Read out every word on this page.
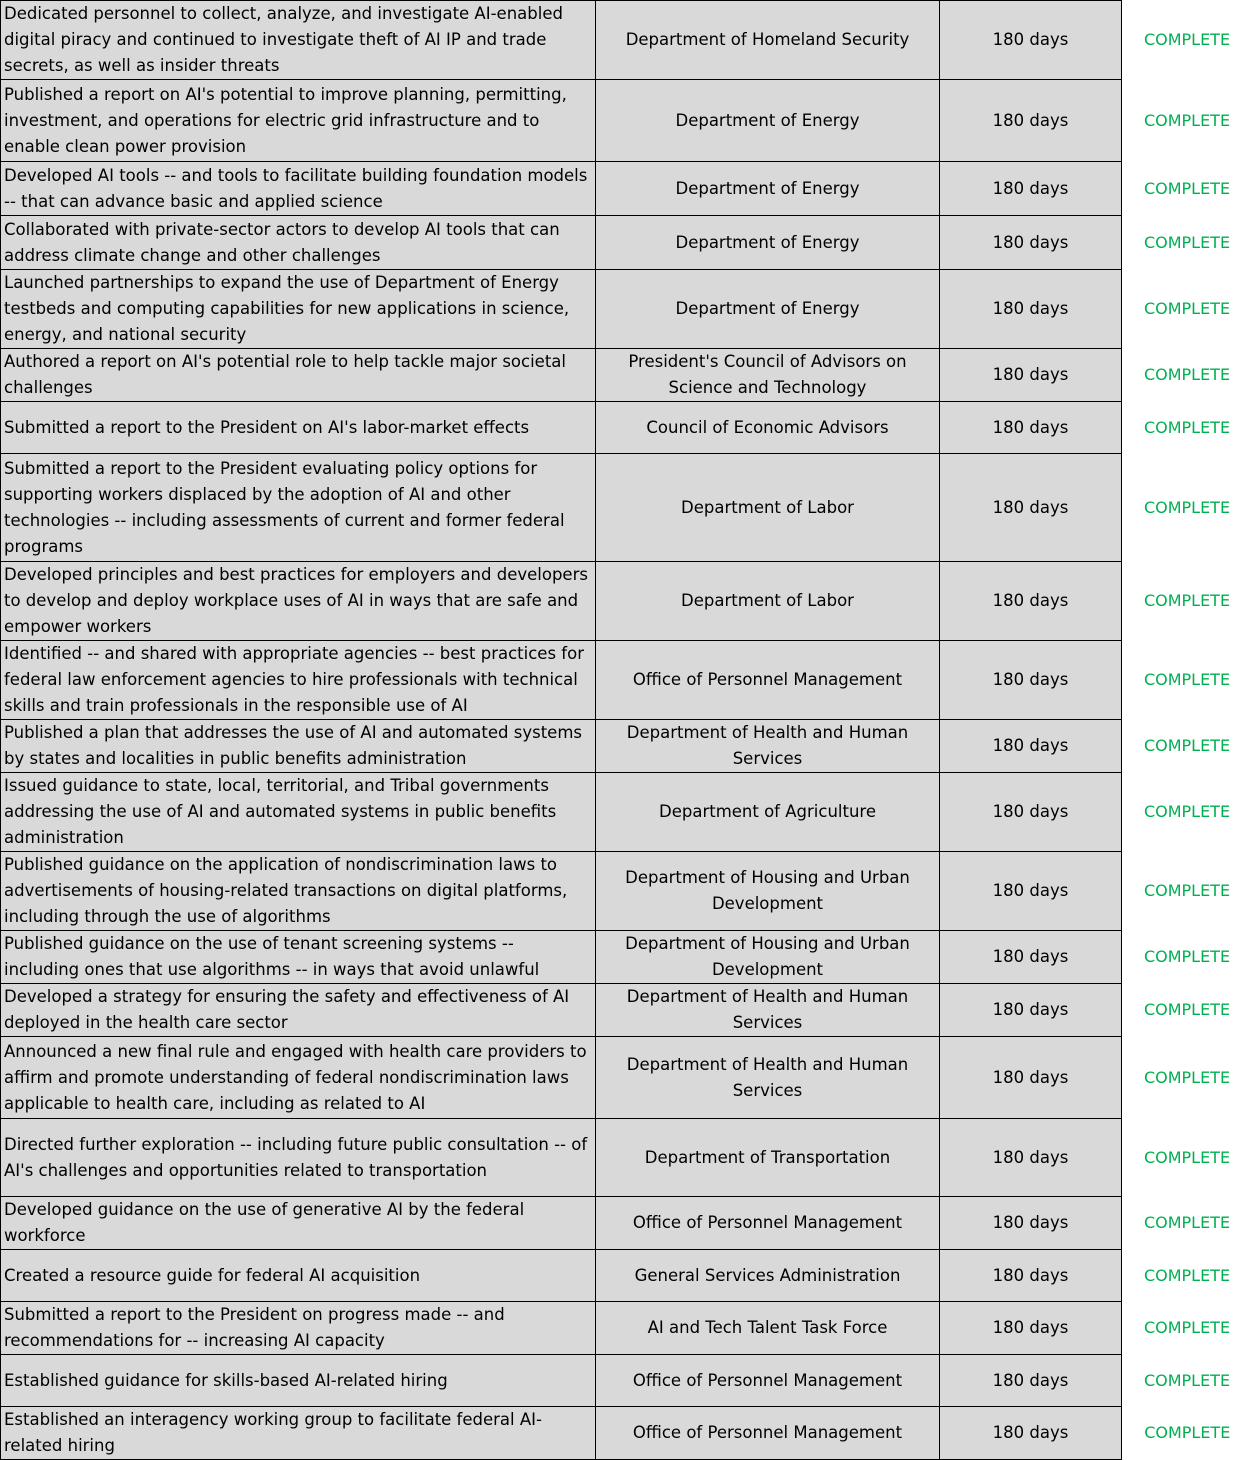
Dedicated personnel to collect, analyze, and investigate AI-enabled digital piracy and continued to investigate theft of AI IP and trade secrets, as well as insider threats	Department of Homeland Security	180 days	COMPLETE
Published a report on AI's potential to improve planning, permitting, investment, and operations for electric grid infrastructure and to enable clean power provision	Department of Energy	180 days	COMPLETE
Developed AI tools -- and tools to facilitate building foundation models -- that can advance basic and applied science	Department of Energy	180 days	COMPLETE
Collaborated with private-sector actors to develop AI tools that can address climate change and other challenges	Department of Energy	180 days	COMPLETE
Launched partnerships to expand the use of Department of Energy testbeds and computing capabilities for new applications in science, energy, and national security	Department of Energy	180 days	COMPLETE
Authored a report on AI's potential role to help tackle major societal challenges	President's Council of Advisors on Science and Technology	180 days	COMPLETE
Submitted a report to the President on AI's labor-market effects	Council of Economic Advisors	180 days	COMPLETE
Submitted a report to the President evaluating policy options for supporting workers displaced by the adoption of AI and other technologies -- including assessments of current and former federal programs	Department of Labor	180 days	COMPLETE
Developed principles and best practices for employers and developers to develop and deploy workplace uses of AI in ways that are safe and empower workers	Department of Labor	180 days	COMPLETE
Identified -- and shared with appropriate agencies -- best practices for federal law enforcement agencies to hire professionals with technical skills and train professionals in the responsible use of AI	Office of Personnel Management	180 days	COMPLETE
Published a plan that addresses the use of AI and automated systems by states and localities in public benefits administration	Department of Health and Human Services	180 days	COMPLETE
Issued guidance to state, local, territorial, and Tribal governments addressing the use of AI and automated systems in public benefits administration	Department of Agriculture	180 days	COMPLETE
Published guidance on the application of nondiscrimination laws to advertisements of housing-related transactions on digital platforms, including through the use of algorithms	Department of Housing and Urban Development	180 days	COMPLETE
Published guidance on the use of tenant screening systems -- including ones that use algorithms -- in ways that avoid unlawful	Department of Housing and Urban Development	180 days	COMPLETE
Developed a strategy for ensuring the safety and effectiveness of AI deployed in the health care sector	Department of Health and Human Services	180 days	COMPLETE
Announced a new final rule and engaged with health care providers to affirm and promote understanding of federal nondiscrimination laws applicable to health care, including as related to AI	Department of Health and Human Services	180 days	COMPLETE
Directed further exploration -- including future public consultation -- of AI's challenges and opportunities related to transportation	Department of Transportation	180 days	COMPLETE
Developed guidance on the use of generative AI by the federal workforce	Office of Personnel Management	180 days	COMPLETE
Created a resource guide for federal AI acquisition	General Services Administration	180 days	COMPLETE
Submitted a report to the President on progress made -- and recommendations for -- increasing AI capacity	AI and Tech Talent Task Force	180 days	COMPLETE
Established guidance for skills-based AI-related hiring	Office of Personnel Management	180 days	COMPLETE
Established an interagency working group to facilitate federal AI-related hiring	Office of Personnel Management	180 days	COMPLETE
